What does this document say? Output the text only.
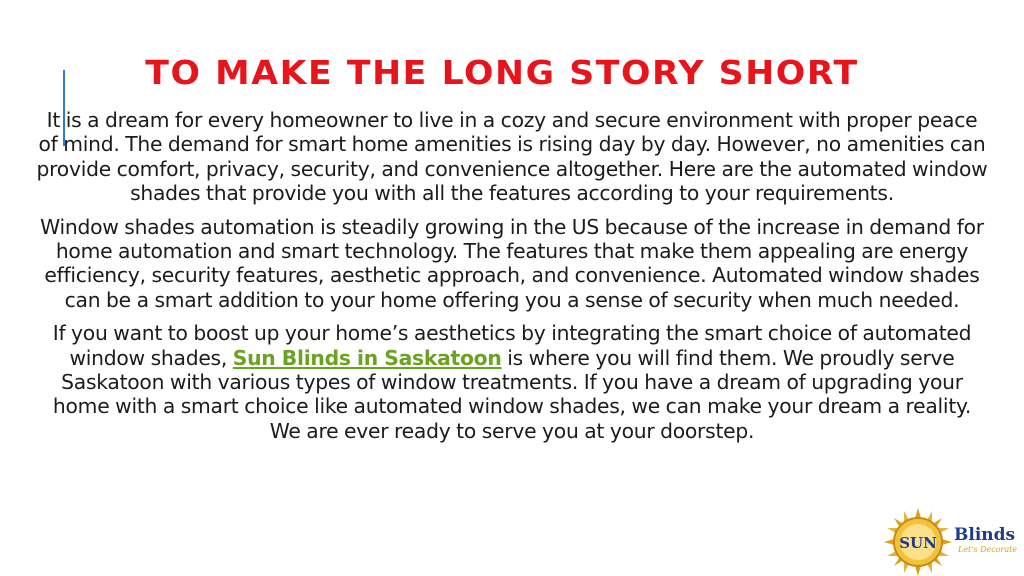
TO MAKE THE LONG STORY SHORT

It is a dream for every homeowner to live in a cozy and secure environment with proper peace of mind. The demand for smart home amenities is rising day by day. However, no amenities can provide comfort, privacy, security, and convenience altogether. Here are the automated window shades that provide you with all the features according to your requirements.

Window shades automation is steadily growing in the US because of the increase in demand for home automation and smart technology. The features that make them appealing are energy efficiency, security features, aesthetic approach, and convenience. Automated window shades can be a smart addition to your home offering you a sense of security when much needed.

If you want to boost up your home’s aesthetics by integrating the smart choice of automated window shades, Sun Blinds in Saskatoon is where you will find them. We proudly serve Saskatoon with various types of window treatments. If you have a dream of upgrading your home with a smart choice like automated window shades, we can make your dream a reality. We are ever ready to serve you at your doorstep.

SUN Blinds
Let's Decorate
